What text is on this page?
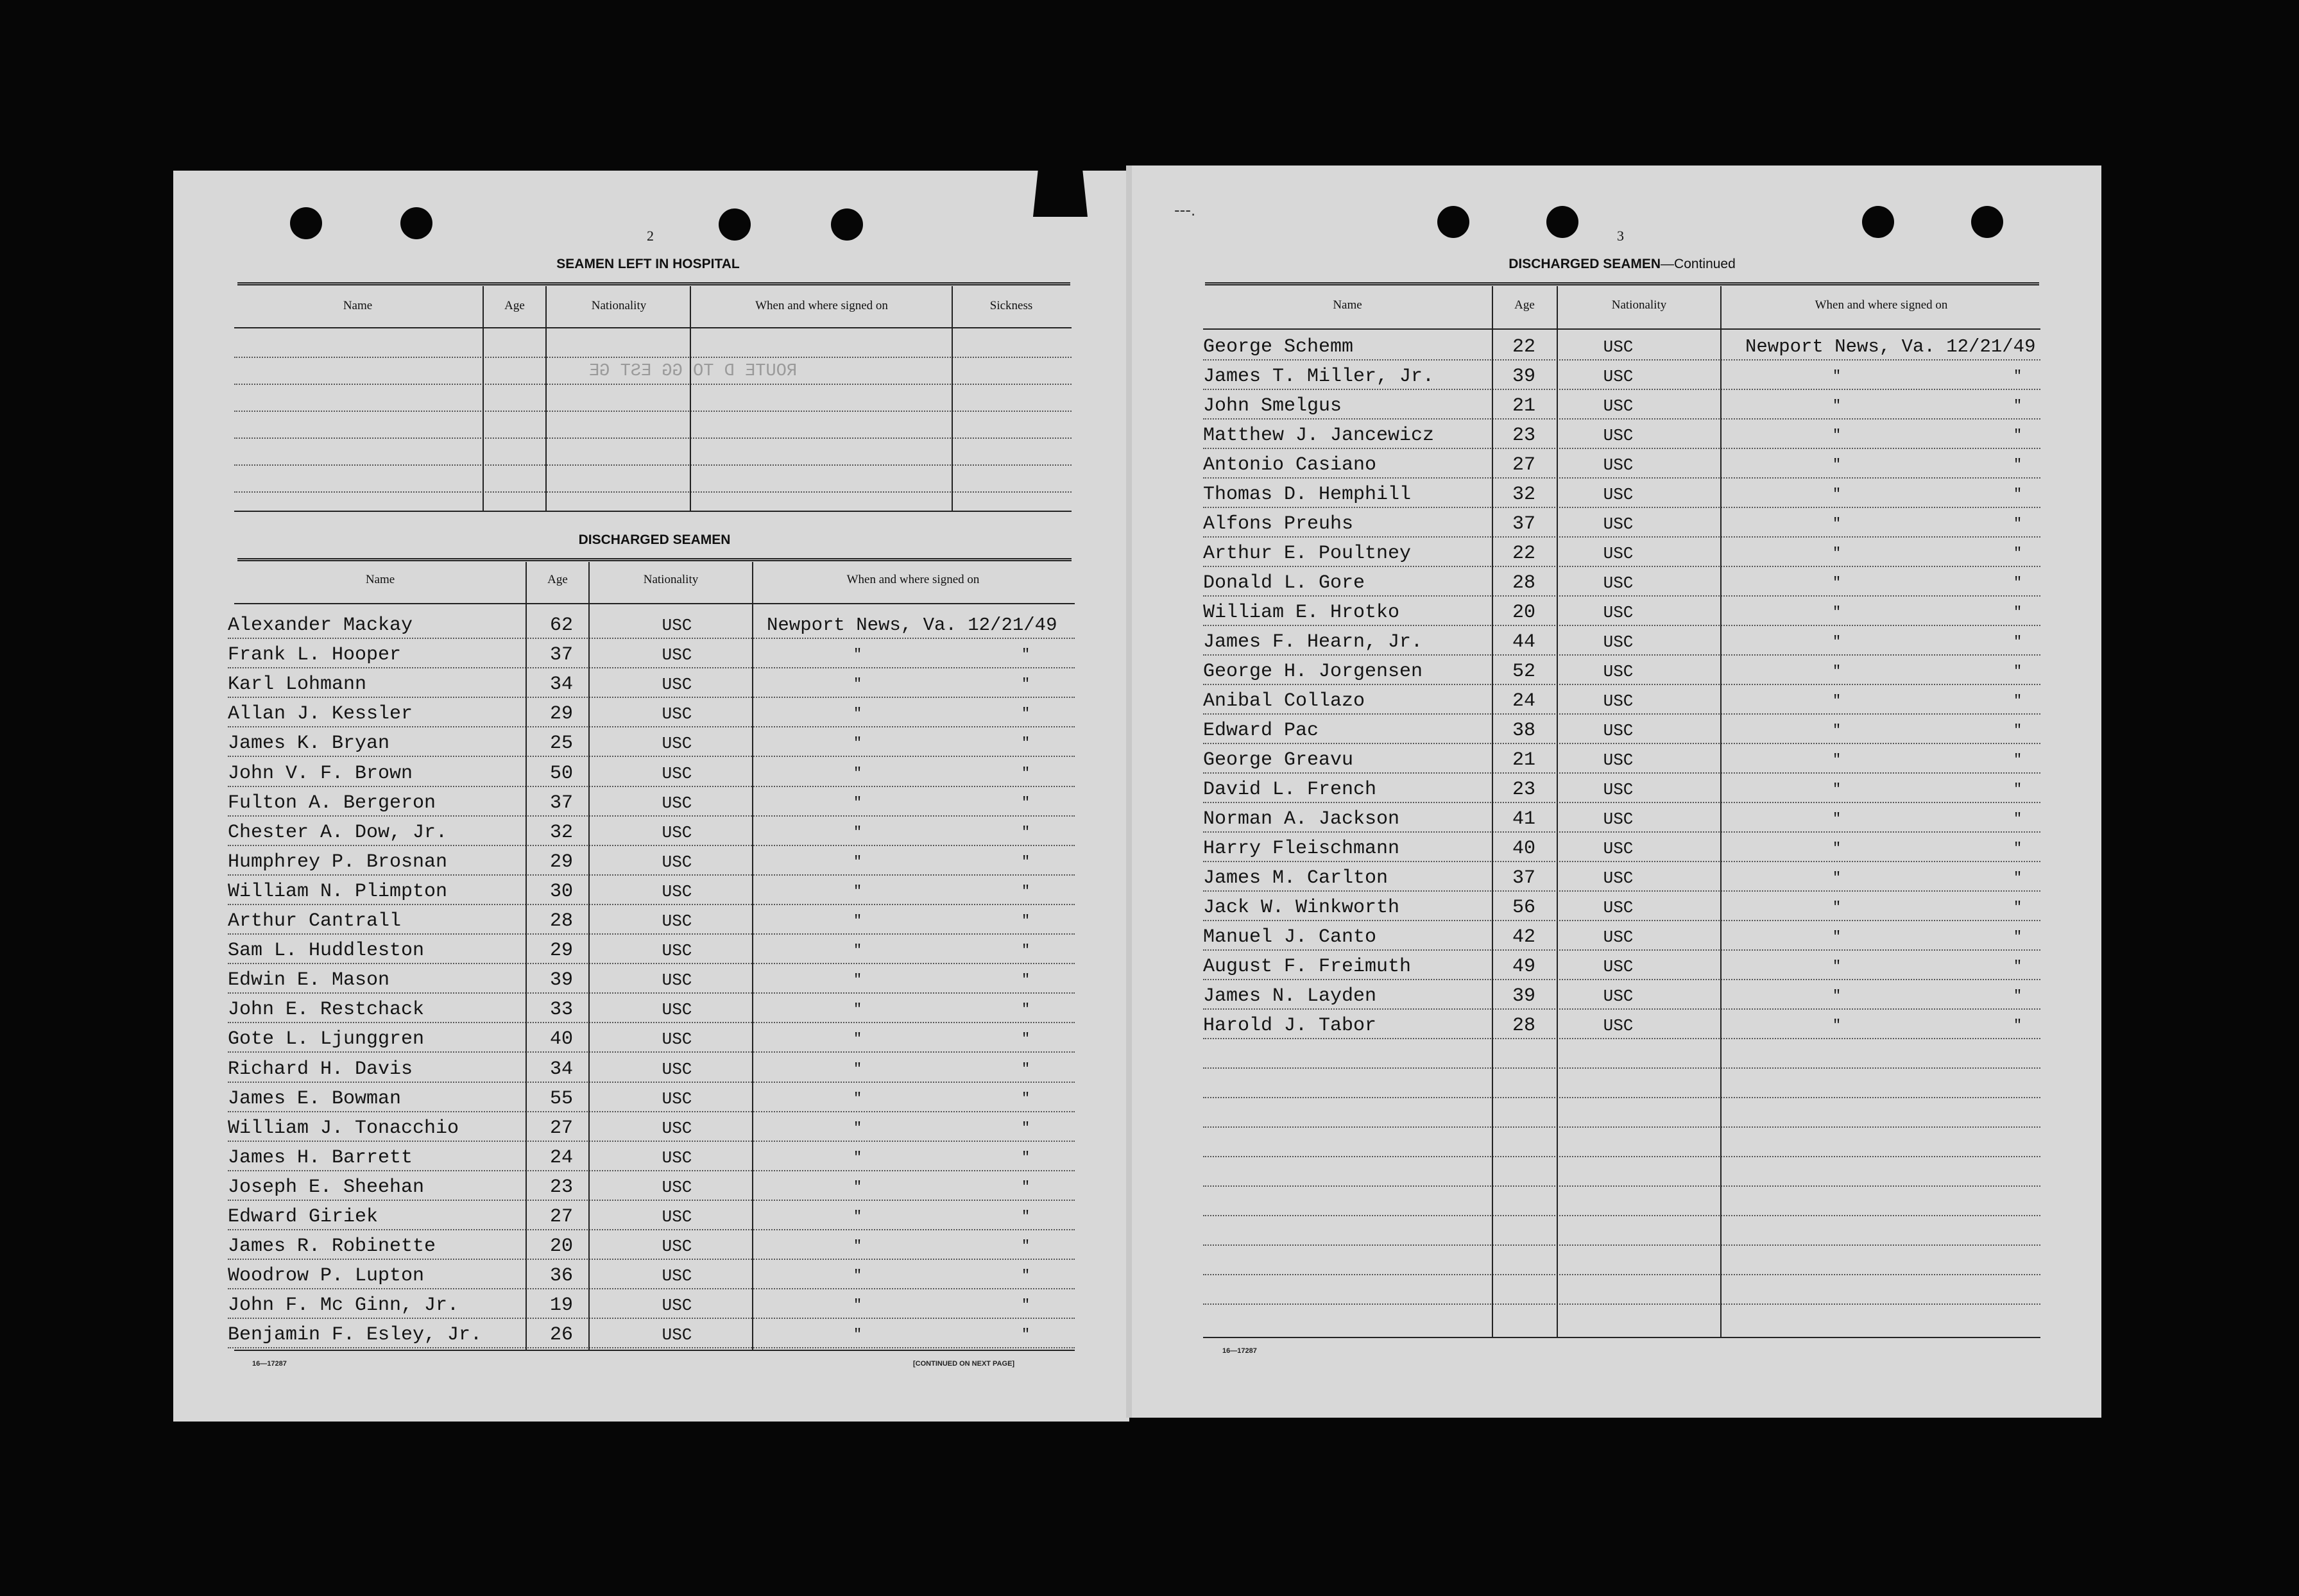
‐‐‐.
2
SEAMEN LEFT IN HOSPITAL
Name	Age	Nationality	When and where signed on	Sickness
ROUTE D TO GG EST GE
DISCHARGED SEAMEN
Name	Age	Nationality	When and where signed on
Alexander Mackay	62	USC	Newport News, Va. 12/21/49
Frank L. Hooper	37	USC	"	"
Karl Lohmann	34	USC	"	"
Allan J. Kessler	29	USC	"	"
James K. Bryan	25	USC	"	"
John V. F. Brown	50	USC	"	"
Fulton A. Bergeron	37	USC	"	"
Chester A. Dow, Jr.	32	USC	"	"
Humphrey P. Brosnan	29	USC	"	"
William N. Plimpton	30	USC	"	"
Arthur Cantrall	28	USC	"	"
Sam L. Huddleston	29	USC	"	"
Edwin E. Mason	39	USC	"	"
John E. Restchack	33	USC	"	"
Gote L. Ljunggren	40	USC	"	"
Richard H. Davis	34	USC	"	"
James E. Bowman	55	USC	"	"
William J. Tonacchio	27	USC	"	"
James H. Barrett	24	USC	"	"
Joseph E. Sheehan	23	USC	"	"
Edward Giriek	27	USC	"	"
James R. Robinette	20	USC	"	"
Woodrow P. Lupton	36	USC	"	"
John F. Mc Ginn, Jr.	19	USC	"	"
Benjamin F. Esley, Jr.	26	USC	"	"
16—17287	[CONTINUED ON NEXT PAGE]
3
DISCHARGED SEAMEN—Continued
Name	Age	Nationality	When and where signed on
George Schemm	22	USC	Newport News, Va. 12/21/49
James T. Miller, Jr.	39	USC	"	"
John Smelgus	21	USC	"	"
Matthew J. Jancewicz	23	USC	"	"
Antonio Casiano	27	USC	"	"
Thomas D. Hemphill	32	USC	"	"
Alfons Preuhs	37	USC	"	"
Arthur E. Poultney	22	USC	"	"
Donald L. Gore	28	USC	"	"
William E. Hrotko	20	USC	"	"
James F. Hearn, Jr.	44	USC	"	"
George H. Jorgensen	52	USC	"	"
Anibal Collazo	24	USC	"	"
Edward Pac	38	USC	"	"
George Greavu	21	USC	"	"
David L. French	23	USC	"	"
Norman A. Jackson	41	USC	"	"
Harry Fleischmann	40	USC	"	"
James M. Carlton	37	USC	"	"
Jack W. Winkworth	56	USC	"	"
Manuel J. Canto	42	USC	"	"
August F. Freimuth	49	USC	"	"
James N. Layden	39	USC	"	"
Harold J. Tabor	28	USC	"	"
16—17287
